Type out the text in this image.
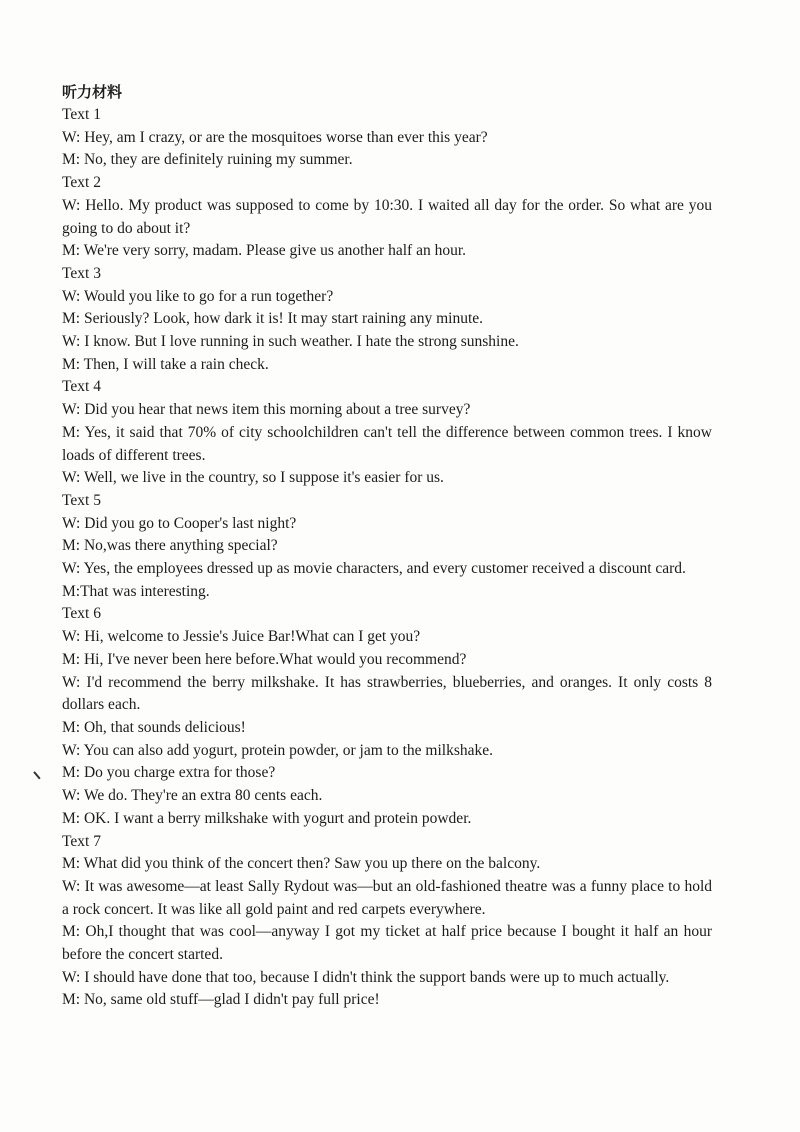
听力材料

Text 1

W: Hey, am I crazy, or are the mosquitoes worse than ever this year?

M: No, they are definitely ruining my summer.

Text 2

W: Hello. My product was supposed to come by 10:30. I waited all day for the order. So what are you going to do about it?

M: We're very sorry, madam. Please give us another half an hour.

Text 3

W: Would you like to go for a run together?

M: Seriously? Look, how dark it is! It may start raining any minute.

W: I know. But I love running in such weather. I hate the strong sunshine.

M: Then, I will take a rain check.

Text 4

W: Did you hear that news item this morning about a tree survey?

M: Yes, it said that 70% of city schoolchildren can't tell the difference between common trees. I know loads of different trees.

W: Well, we live in the country, so I suppose it's easier for us.

Text 5

W: Did you go to Cooper's last night?

M: No,was there anything special?

W: Yes, the employees dressed up as movie characters, and every customer received a discount card.

M:That was interesting.

Text 6

W: Hi, welcome to Jessie's Juice Bar!What can I get you?

M: Hi, I've never been here before.What would you recommend?

W: I'd recommend the berry milkshake. It has strawberries, blueberries, and oranges. It only costs 8 dollars each.

M: Oh, that sounds delicious!

W: You can also add yogurt, protein powder, or jam to the milkshake.

M: Do you charge extra for those?

W: We do. They're an extra 80 cents each.

M: OK. I want a berry milkshake with yogurt and protein powder.

Text 7

M: What did you think of the concert then? Saw you up there on the balcony.

W: It was awesome—at least Sally Rydout was—but an old-fashioned theatre was a funny place to hold a rock concert. It was like all gold paint and red carpets everywhere.

M: Oh,I thought that was cool—anyway I got my ticket at half price because I bought it half an hour before the concert started.

W: I should have done that too, because I didn't think the support bands were up to much actually.

M: No, same old stuff—glad I didn't pay full price!
